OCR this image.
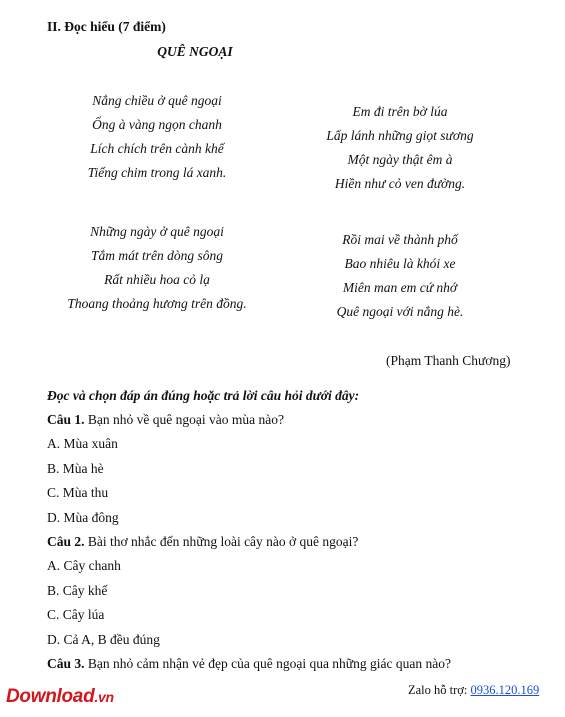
II. Đọc hiểu (7 điểm)
QUÊ NGOẠI
Nắng chiều ở quê ngoại
Ống à vàng ngọn chanh
Lích chích trên cành khế
Tiếng chim trong lá xanh.
Em đi trên bờ lúa
Lấp lánh những giọt sương
Một ngày thật êm à
Hiền như cỏ ven đường.
Những ngày ở quê ngoại
Tắm mát trên dòng sông
Rất nhiều hoa cỏ lạ
Thoang thoảng hương trên đồng.
Rồi mai về thành phố
Bao nhiêu là khói xe
Miên man em cứ nhớ
Quê ngoại với nắng hè.
(Phạm Thanh Chương)
Đọc và chọn đáp án đúng hoặc trả lời câu hỏi dưới đây:
Câu 1. Bạn nhỏ về quê ngoại vào mùa nào?
A. Mùa xuân
B. Mùa hè
C. Mùa thu
D. Mùa đông
Câu 2. Bài thơ nhắc đến những loài cây nào ở quê ngoại?
A. Cây chanh
B. Cây khế
C. Cây lúa
D. Cả A, B đều đúng
Câu 3. Bạn nhỏ cảm nhận vẻ đẹp của quê ngoại qua những giác quan nào?
Download.vn	Zalo hỗ trợ: 0936.120.169
